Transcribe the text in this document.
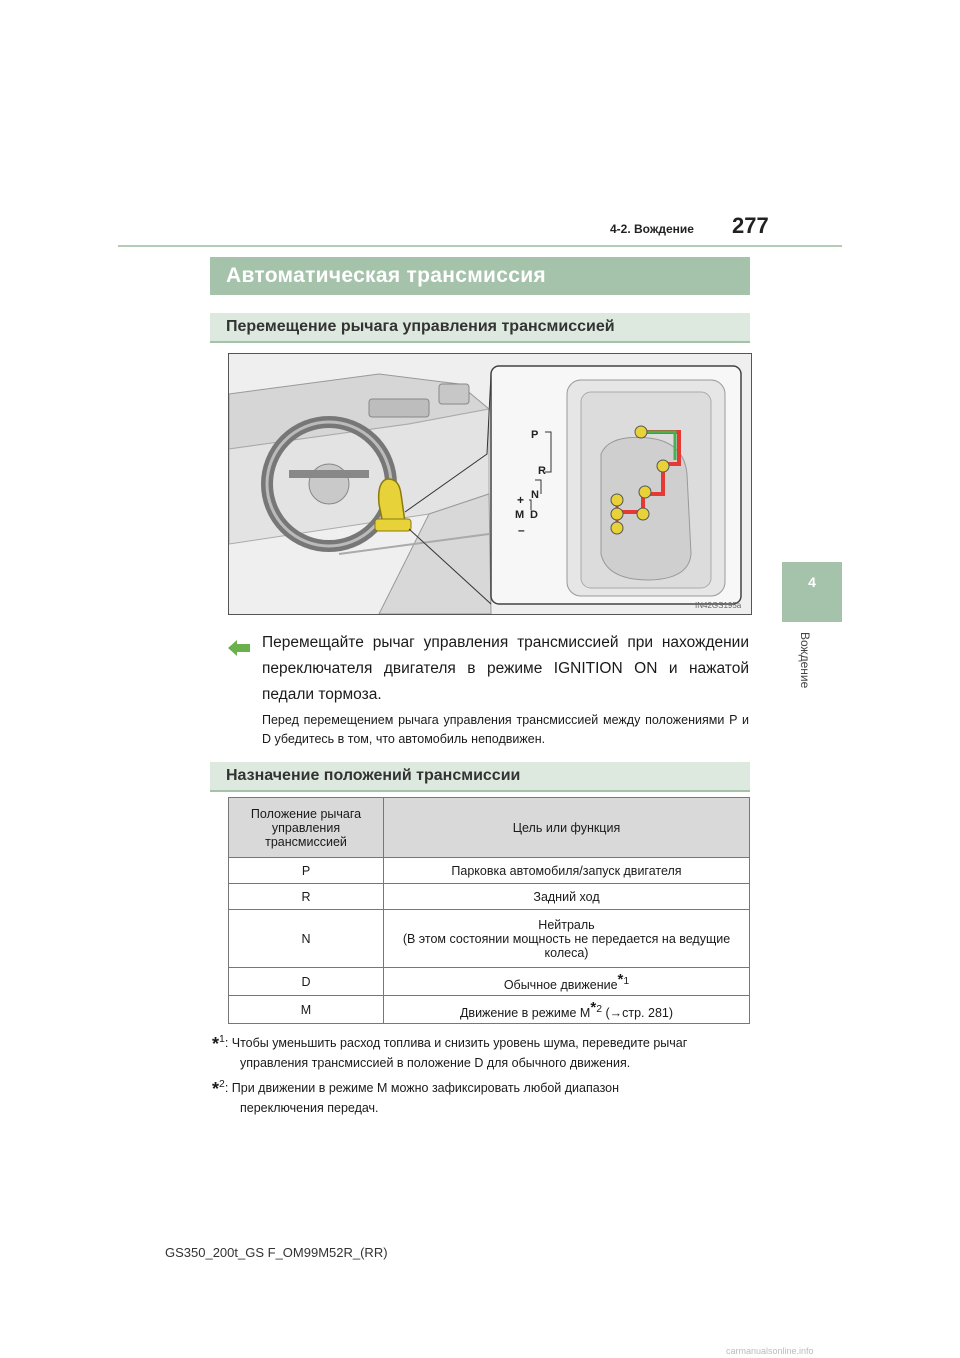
4-2. Вождение 277
4
Вождение
Автоматическая трансмиссия
Перемещение рычага управления трансмиссией
P
R
N
D
M
+
–
IN42GS195a
Перемещайте рычаг управления трансмиссией при нахождении переключателя двигателя в режиме IGNITION ON и нажатой педали тормоза.
Перед перемещением рычага управления трансмиссией между положениями P и D убедитесь в том, что автомобиль неподвижен.
Назначение положений трансмиссии
Положение рычага управления трансмиссией	Цель или функция
P	Парковка автомобиля/запуск двигателя
R	Задний ход
N	Нейтраль
(В этом состоянии мощность не передается на ведущие колеса)
D	Обычное движение$^{*1}$
M	Движение в режиме $M^{*2}$ (→стр. 281)
*$^1$: Чтобы уменьшить расход топлива и снизить уровень шума, переведите рычаг
управления трансмиссией в положение D для обычного движения.
*$^2$: При движении в режиме M можно зафиксировать любой диапазон
переключения передач.
GS350_200t_GS F_OM99M52R_(RR)
carmanualsonline.info
